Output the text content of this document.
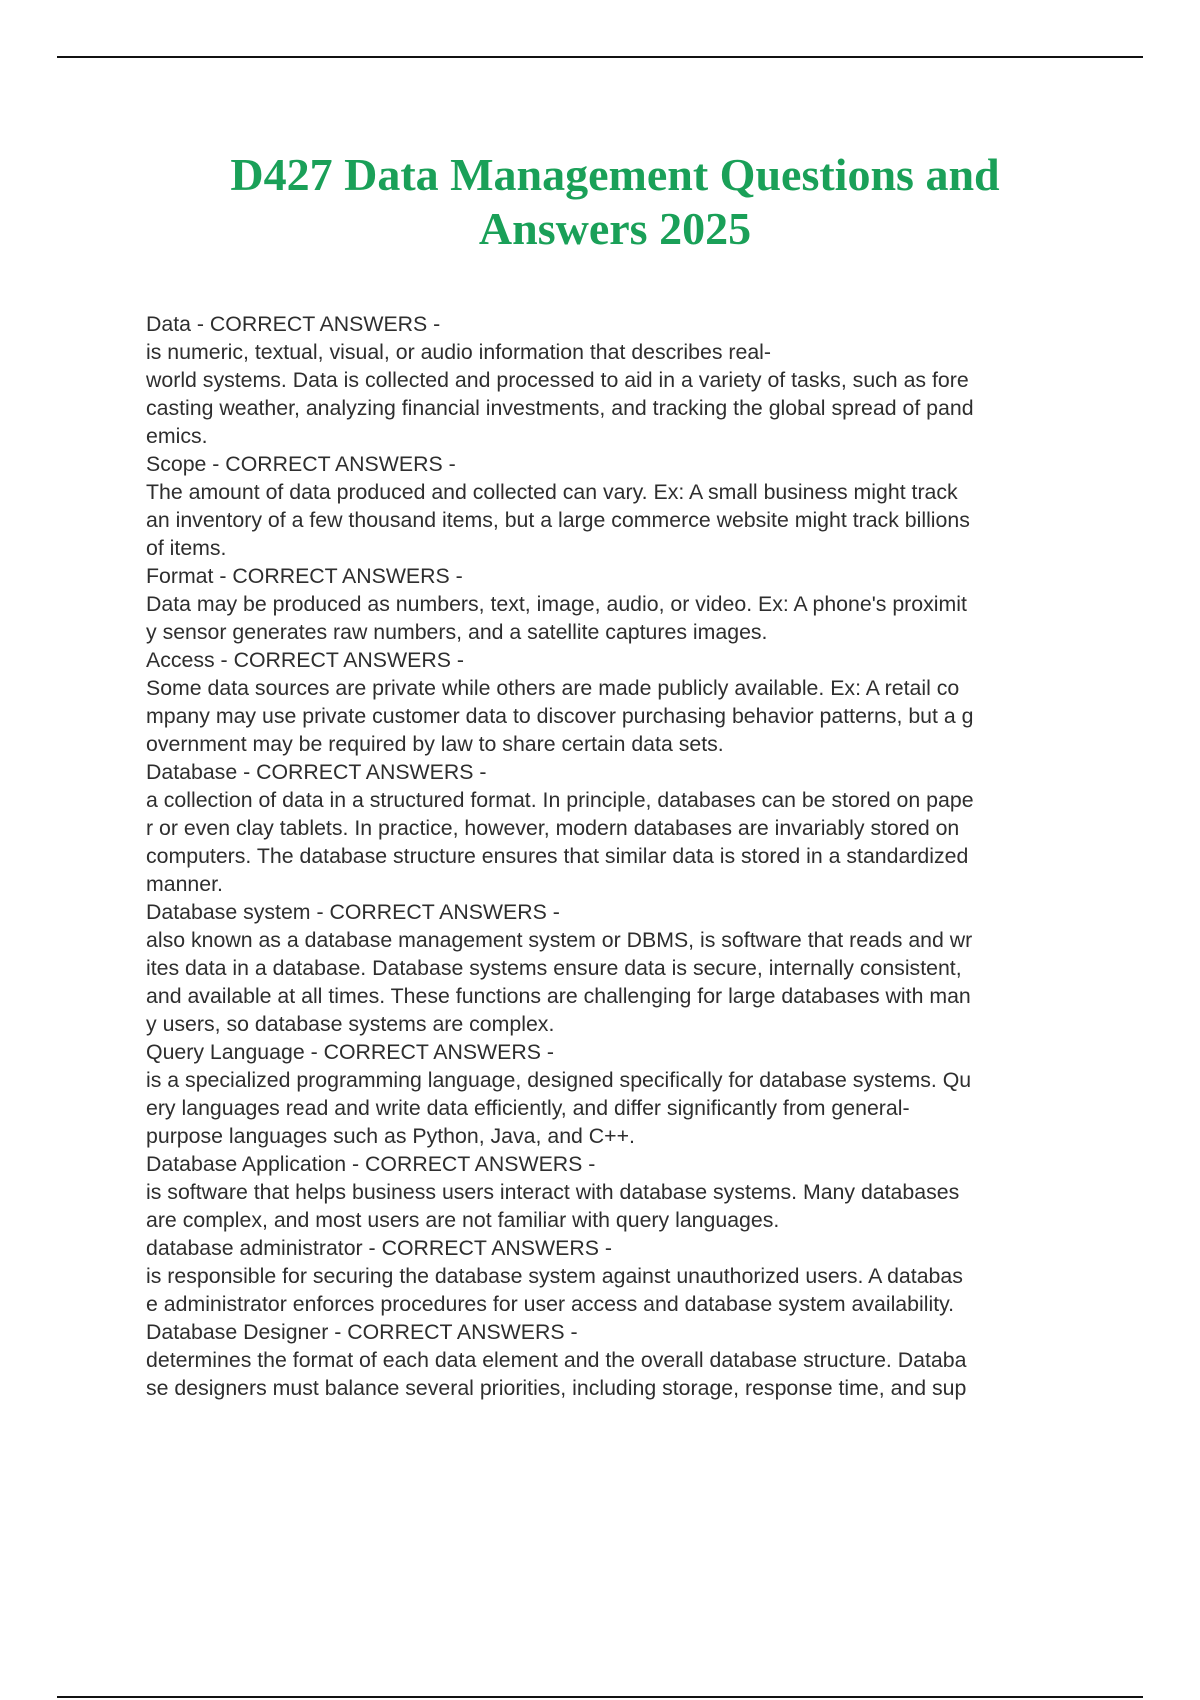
D427 Data Management Questions and
Answers 2025
Data - CORRECT ANSWERS -
is numeric, textual, visual, or audio information that describes real-
world systems. Data is collected and processed to aid in a variety of tasks, such as fore
casting weather, analyzing financial investments, and tracking the global spread of pand
emics.
Scope - CORRECT ANSWERS -
The amount of data produced and collected can vary. Ex: A small business might track
an inventory of a few thousand items, but a large commerce website might track billions
of items.
Format - CORRECT ANSWERS -
Data may be produced as numbers, text, image, audio, or video. Ex: A phone's proximit
y sensor generates raw numbers, and a satellite captures images.
Access - CORRECT ANSWERS -
Some data sources are private while others are made publicly available. Ex: A retail co
mpany may use private customer data to discover purchasing behavior patterns, but a g
overnment may be required by law to share certain data sets.
Database - CORRECT ANSWERS -
a collection of data in a structured format. In principle, databases can be stored on pape
r or even clay tablets. In practice, however, modern databases are invariably stored on
computers. The database structure ensures that similar data is stored in a standardized
manner.
Database system - CORRECT ANSWERS -
also known as a database management system or DBMS, is software that reads and wr
ites data in a database. Database systems ensure data is secure, internally consistent,
and available at all times. These functions are challenging for large databases with man
y users, so database systems are complex.
Query Language - CORRECT ANSWERS -
is a specialized programming language, designed specifically for database systems. Qu
ery languages read and write data efficiently, and differ significantly from general-
purpose languages such as Python, Java, and C++.
Database Application - CORRECT ANSWERS -
is software that helps business users interact with database systems. Many databases
are complex, and most users are not familiar with query languages.
database administrator - CORRECT ANSWERS -
is responsible for securing the database system against unauthorized users. A databas
e administrator enforces procedures for user access and database system availability.
Database Designer - CORRECT ANSWERS -
determines the format of each data element and the overall database structure. Databa
se designers must balance several priorities, including storage, response time, and sup
